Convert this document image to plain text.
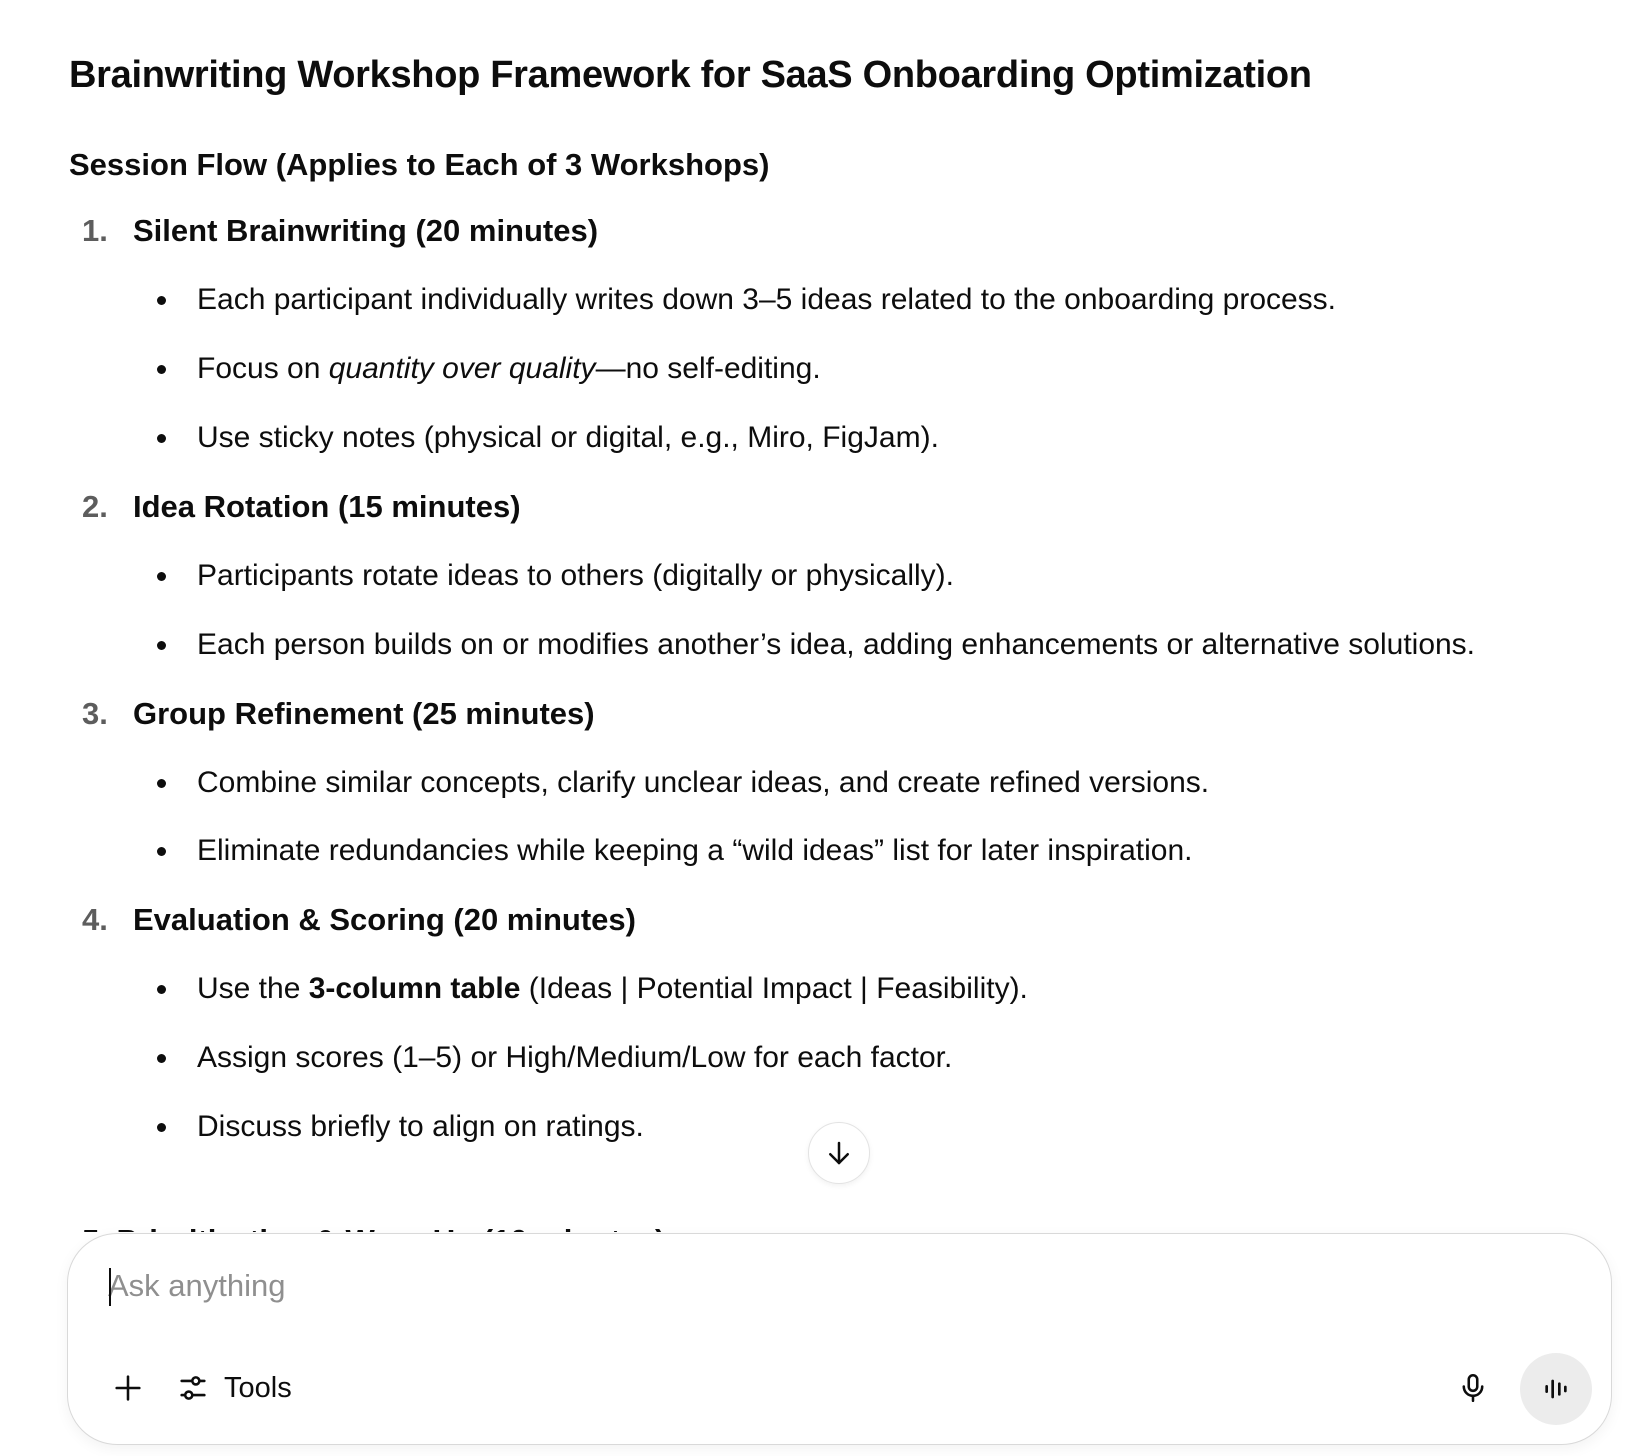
Brainwriting Workshop Framework for SaaS Onboarding Optimization
Session Flow (Applies to Each of 3 Workshops)
1. Silent Brainwriting (20 minutes)
Each participant individually writes down 3–5 ideas related to the onboarding process.
Focus on quantity over quality—no self-editing.
Use sticky notes (physical or digital, e.g., Miro, FigJam).
2. Idea Rotation (15 minutes)
Participants rotate ideas to others (digitally or physically).
Each person builds on or modifies another’s idea, adding enhancements or alternative solutions.
3. Group Refinement (25 minutes)
Combine similar concepts, clarify unclear ideas, and create refined versions.
Eliminate redundancies while keeping a “wild ideas” list for later inspiration.
4. Evaluation & Scoring (20 minutes)
Use the 3-column table (Ideas | Potential Impact | Feasibility).
Assign scores (1–5) or High/Medium/Low for each factor.
Discuss briefly to align on ratings.
Ask anything
Tools
